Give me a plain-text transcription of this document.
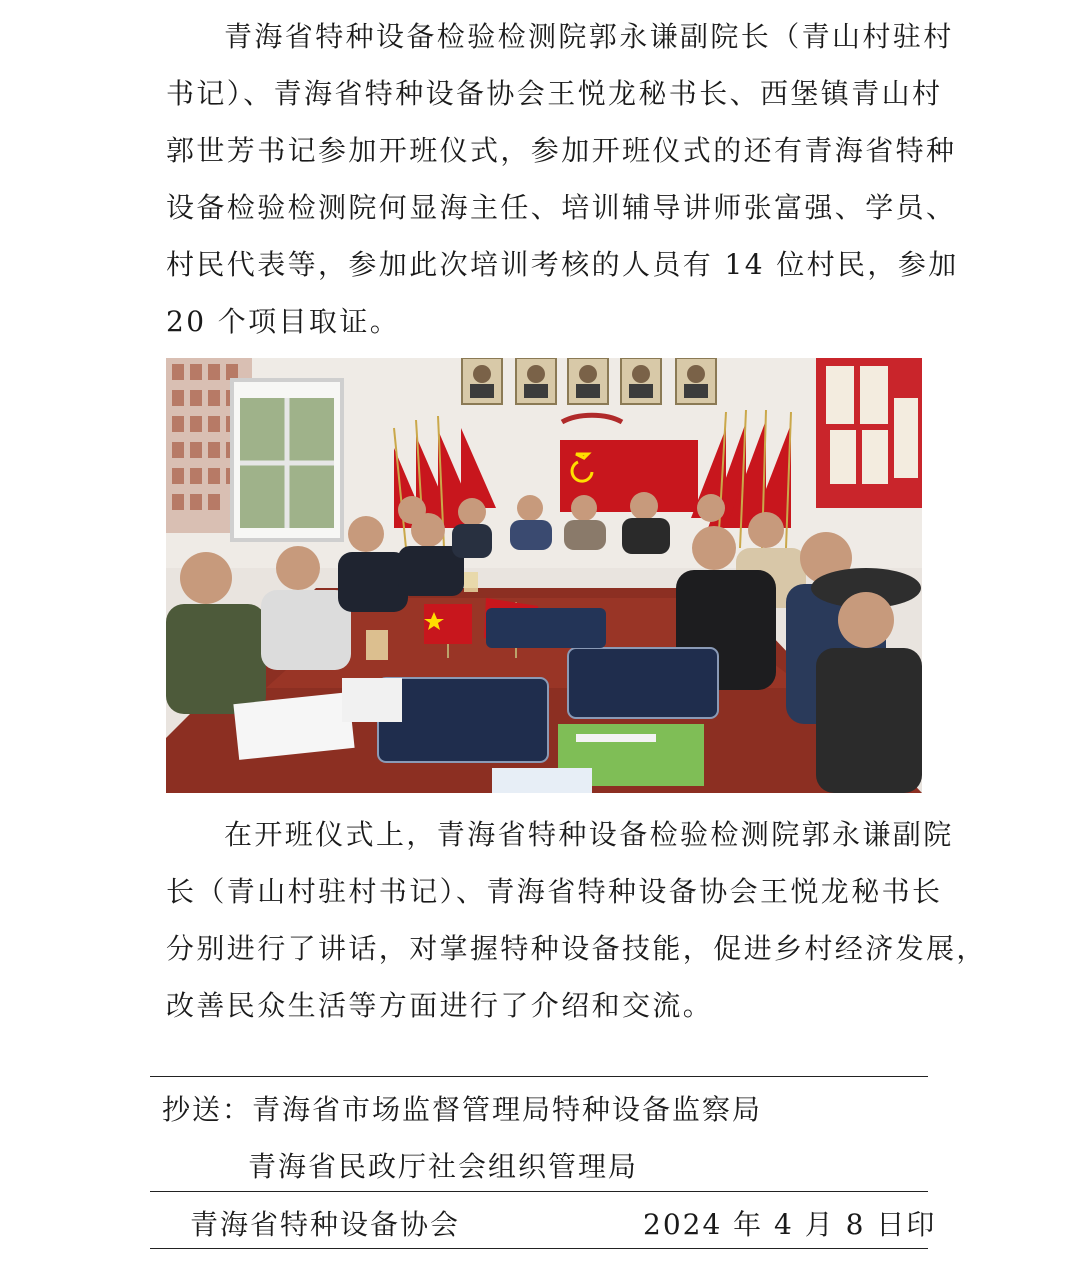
青海省特种设备检验检测院郭永谦副院长（青山村驻村
书记）、青海省特种设备协会王悦龙秘书长、西堡镇青山村
郭世芳书记参加开班仪式，参加开班仪式的还有青海省特种
设备检验检测院何显海主任、培训辅导讲师张富强、学员、
村民代表等，参加此次培训考核的人员有 14 位村民，参加
20 个项目取证。
在开班仪式上，青海省特种设备检验检测院郭永谦副院
长（青山村驻村书记）、青海省特种设备协会王悦龙秘书长
分别进行了讲话，对掌握特种设备技能，促进乡村经济发展，
改善民众生活等方面进行了介绍和交流。
抄送：青海省市场监督管理局特种设备监察局
青海省民政厅社会组织管理局
青海省特种设备协会	2024 年 4 月 8 日印
